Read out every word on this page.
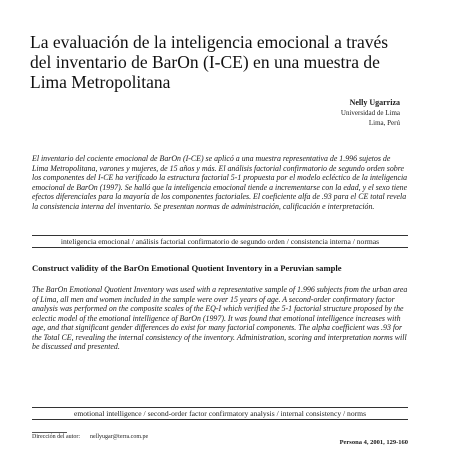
La evaluación de la inteligencia emocional a través del inventario de BarOn (I-CE) en una muestra de Lima Metropolitana
Nelly Ugarriza
Universidad de Lima
Lima, Perú

El inventario del cociente emocional de BarOn (I-CE) se aplicó a una muestra representativa de 1.996 sujetos de Lima Metropolitana, varones y mujeres, de 15 años y más. El análisis factorial confirmatorio de segundo orden sobre los componentes del I-CE ha verificado la estructura factorial 5-1 propuesta por el modelo ecléctico de la inteligencia emocional de BarOn (1997). Se halló que la inteligencia emocional tiende a incrementarse con la edad, y el sexo tiene efectos diferenciales para la mayoría de los componentes factoriales. El coeficiente alfa de .93 para el CE total revela la consistencia interna del inventario. Se presentan normas de administración, calificación e interpretación.

inteligencia emocional / análisis factorial confirmatorio de segundo orden / consistencia interna / normas
Construct validity of the BarOn Emotional Quotient Inventory in a Peruvian sample

The BarOn Emotional Quotient Inventory was used with a representative sample of 1.996 subjects from the urban area of Lima, all men and women included in the sample were over 15 years of age. A second-order confirmatory factor analysis was performed on the composite scales of the EQ-I which verified the 5-1 factorial structure proposed by the eclectic model of the emotional intelligence of BarOn (1997). It was found that emotional intelligence increases with age, and that significant gender differences do exist for many factorial components. The alpha coefficient was .93 for the Total CE, revealing the internal consistency of the inventory. Administration, scoring and interpretation norms will be discussed and presented.

emotional intelligence / second-order factor confirmatory analysis / internal consistency / norms
Dirección del autor: nellyugar@terra.com.pe
Persona 4, 2001, 129-160
